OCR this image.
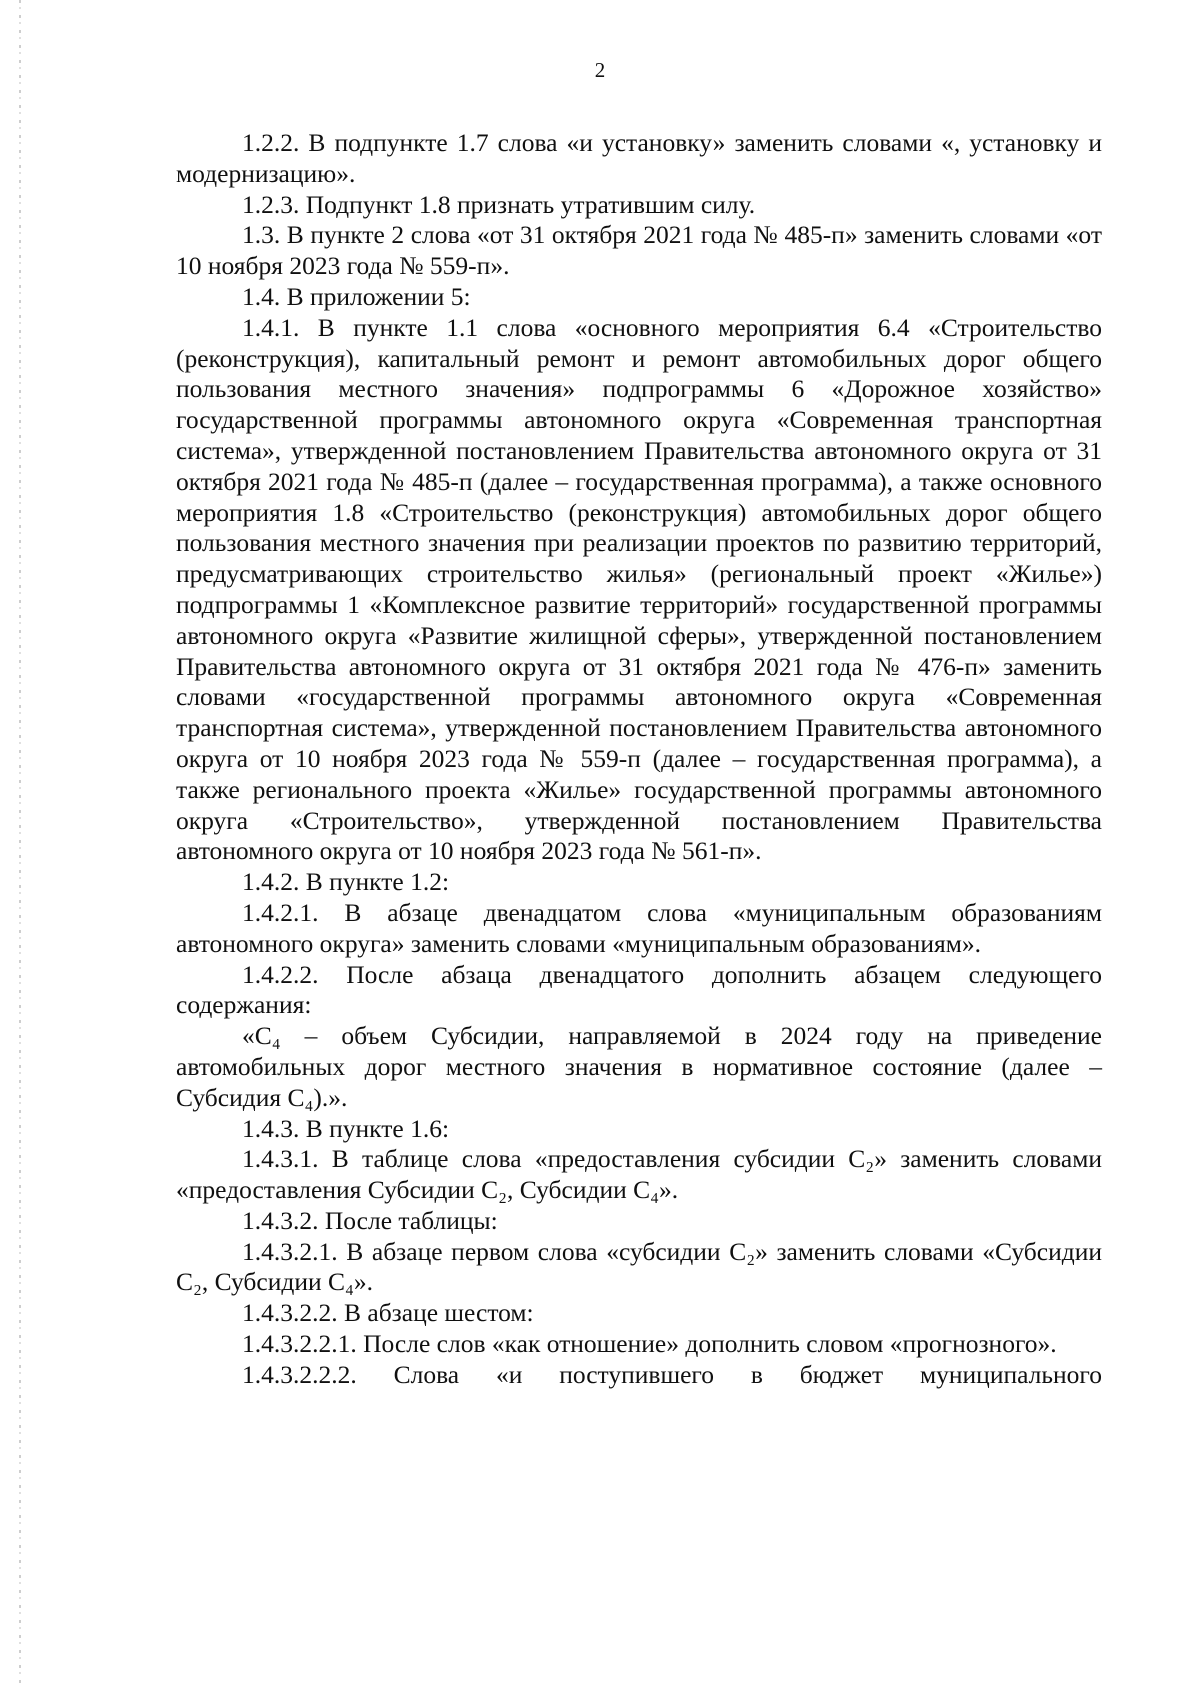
2

1.2.2. В подпункте 1.7 слова «и установку» заменить словами «, установку и модернизацию».

1.2.3. Подпункт 1.8 признать утратившим силу.

1.3. В пункте 2 слова «от 31 октября 2021 года № 485-п» заменить словами «от 10 ноября 2023 года № 559-п».

1.4. В приложении 5:

1.4.1. В пункте 1.1 слова «основного мероприятия 6.4 «Строительство (реконструкция), капитальный ремонт и ремонт автомобильных дорог общего пользования местного значения» подпрограммы 6 «Дорожное хозяйство» государственной программы автономного округа «Современная транспортная система», утвержденной постановлением Правительства автономного округа от 31 октября 2021 года № 485-п (далее – государственная программа), а также основного мероприятия 1.8 «Строительство (реконструкция) автомобильных дорог общего пользования местного значения при реализации проектов по развитию территорий, предусматривающих строительство жилья» (региональный проект «Жилье») подпрограммы 1 «Комплексное развитие территорий» государственной программы автономного округа «Развитие жилищной сферы», утвержденной постановлением Правительства автономного округа от 31 октября 2021 года № 476-п» заменить словами «государственной программы автономного округа «Современная транспортная система», утвержденной постановлением Правительства автономного округа от 10 ноября 2023 года № 559-п (далее – государственная программа), а также регионального проекта «Жилье» государственной программы автономного округа «Строительство», утвержденной постановлением Правительства автономного округа от 10 ноября 2023 года № 561-п».

1.4.2. В пункте 1.2:

1.4.2.1. В абзаце двенадцатом слова «муниципальным образованиям автономного округа» заменить словами «муниципальным образованиям».

1.4.2.2. После абзаца двенадцатого дополнить абзацем следующего содержания:

«С₄ – объем Субсидии, направляемой в 2024 году на приведение автомобильных дорог местного значения в нормативное состояние (далее – Субсидия С₄).».

1.4.3. В пункте 1.6:

1.4.3.1. В таблице слова «предоставления субсидии С₂» заменить словами «предоставления Субсидии С₂, Субсидии С₄».

1.4.3.2. После таблицы:

1.4.3.2.1. В абзаце первом слова «субсидии С₂» заменить словами «Субсидии С₂, Субсидии С₄».

1.4.3.2.2. В абзаце шестом:

1.4.3.2.2.1. После слов «как отношение» дополнить словом «прогнозного».

1.4.3.2.2.2. Слова «и поступившего в бюджет муниципального
